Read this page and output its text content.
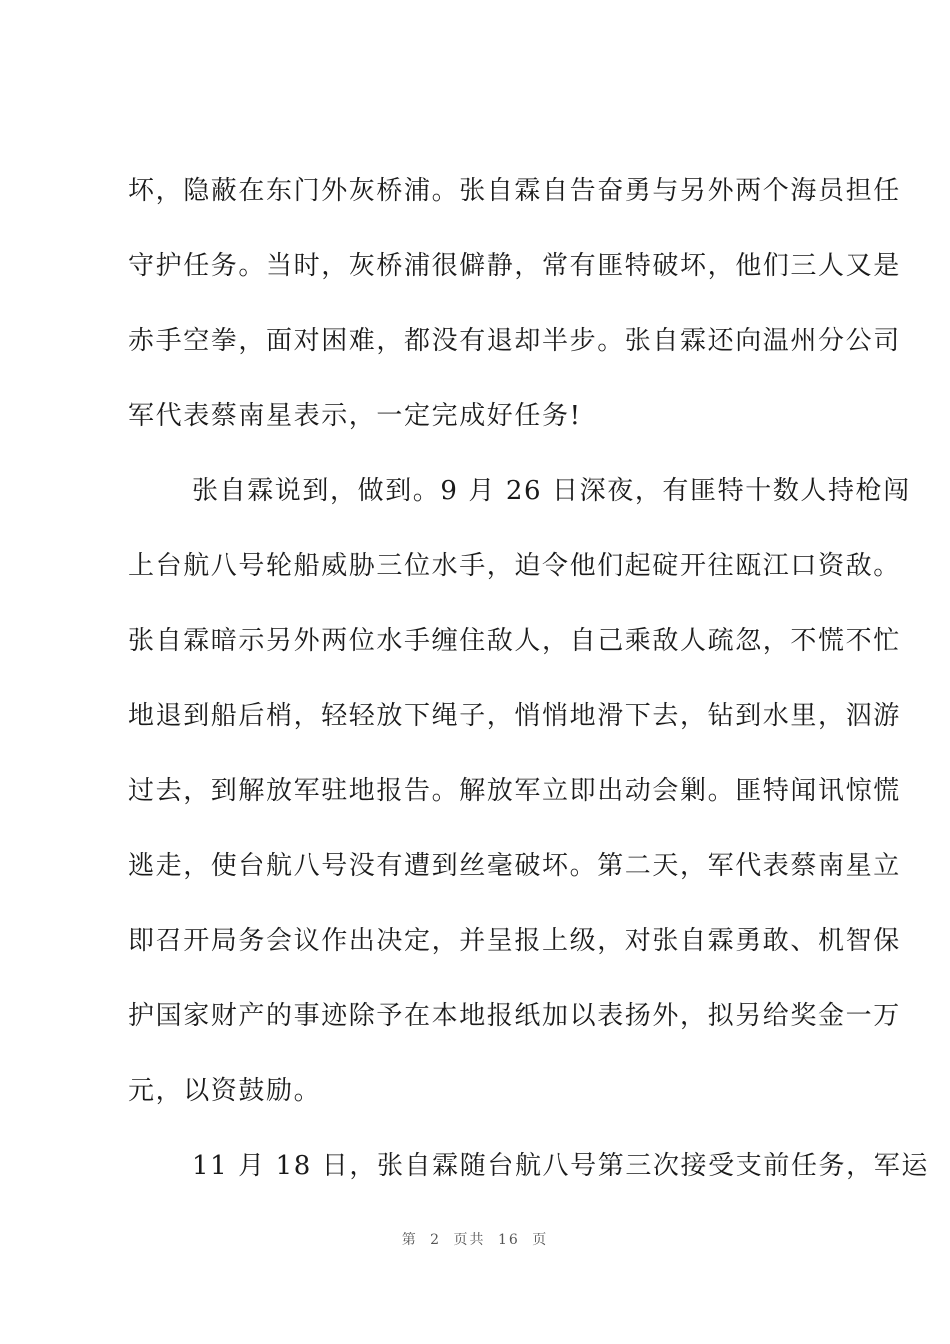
坏，隐蔽在东门外灰桥浦。张自霖自告奋勇与另外两个海员担任
守护任务。当时，灰桥浦很僻静，常有匪特破坏，他们三人又是
赤手空拳，面对困难，都没有退却半步。张自霖还向温州分公司
军代表蔡南星表示，一定完成好任务!
张自霖说到，做到。9 月 26 日深夜，有匪特十数人持枪闯
上台航八号轮船威胁三位水手，迫令他们起碇开往瓯江口资敌。
张自霖暗示另外两位水手缠住敌人，自己乘敌人疏忽，不慌不忙
地退到船后梢，轻轻放下绳子，悄悄地滑下去，钻到水里，泅游
过去，到解放军驻地报告。解放军立即出动会剿。匪特闻讯惊慌
逃走，使台航八号没有遭到丝毫破坏。第二天，军代表蔡南星立
即召开局务会议作出决定，并呈报上级，对张自霖勇敢、机智保
护国家财产的事迹除予在本地报纸加以表扬外，拟另给奖金一万
元，以资鼓励。
11 月 18 日，张自霖随台航八号第三次接受支前任务，军运
第 2 页共 16 页
